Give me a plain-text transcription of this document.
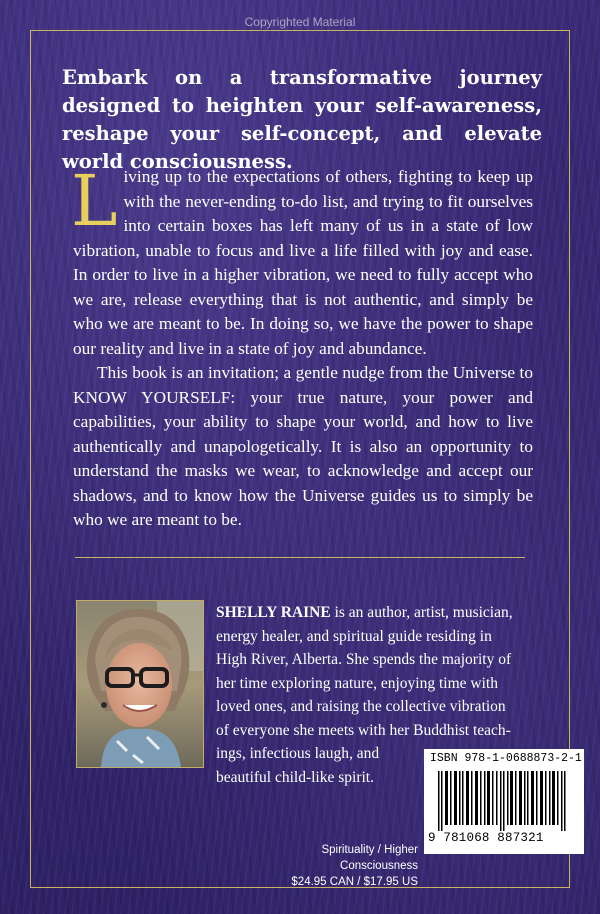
Copyrighted Material
Embark on a transformative journey designed to heighten your self-awareness, reshape your self-concept, and elevate world consciousness.

Living up to the expectations of others, fighting to keep up with the never-ending to-do list, and trying to fit ourselves into certain boxes has left many of us in a state of low vibration, unable to focus and live a life filled with joy and ease. In order to live in a higher vibration, we need to fully accept who we are, release everything that is not authentic, and simply be who we are meant to be. In doing so, we have the power to shape our reality and live in a state of joy and abundance.

This book is an invitation; a gentle nudge from the Universe to KNOW YOURSELF: your true nature, your power and capabilities, your ability to shape your world, and how to live authentically and unapologetically. It is also an opportunity to understand the masks we wear, to acknowledge and accept our shadows, and to know how the Universe guides us to simply be who we are meant to be.

SHELLY RAINE is an author, artist, musician,
energy healer, and spiritual guide residing in
High River, Alberta. She spends the majority of
her time exploring nature, enjoying time with
loved ones, and raising the collective vibration
of everyone she meets with her Buddhist teach-
ings, infectious laugh, and
beautiful child-like spirit.
ISBN 978-1-0688873-2-1
9 781068 887321
Spirituality / Higher Consciousness
$24.95 CAN / $17.95 US
